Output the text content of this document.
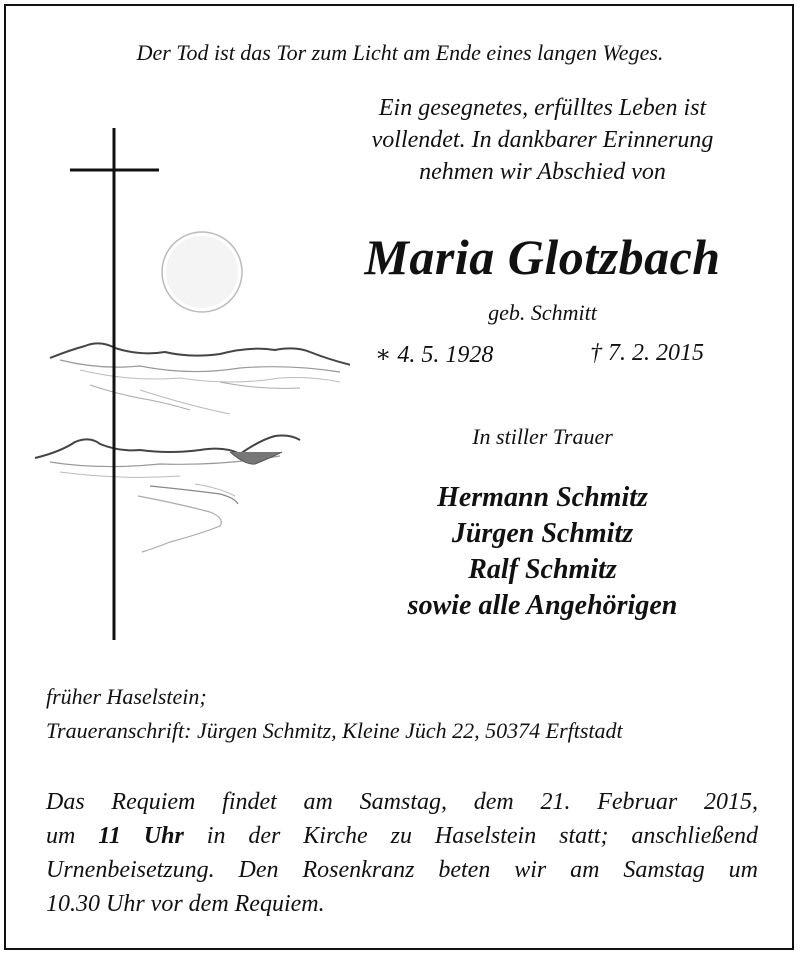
Der Tod ist das Tor zum Licht am Ende eines langen Weges.
Ein gesegnetes, erfülltes Leben ist
vollendet. In dankbarer Erinnerung
nehmen wir Abschied von
Maria Glotzbach
geb. Schmitt
∗ 4. 5. 1928	† 7. 2. 2015
In stiller Trauer
Hermann Schmitz
Jürgen Schmitz
Ralf Schmitz
sowie alle Angehörigen
früher Haselstein;
Traueranschrift: Jürgen Schmitz, Kleine Jüch 22, 50374 Erftstadt
Das Requiem findet am Samstag, dem 21. Februar 2015,
um 11 Uhr in der Kirche zu Haselstein statt; anschließend
Urnenbeisetzung. Den Rosenkranz beten wir am Samstag um
10.30 Uhr vor dem Requiem.
